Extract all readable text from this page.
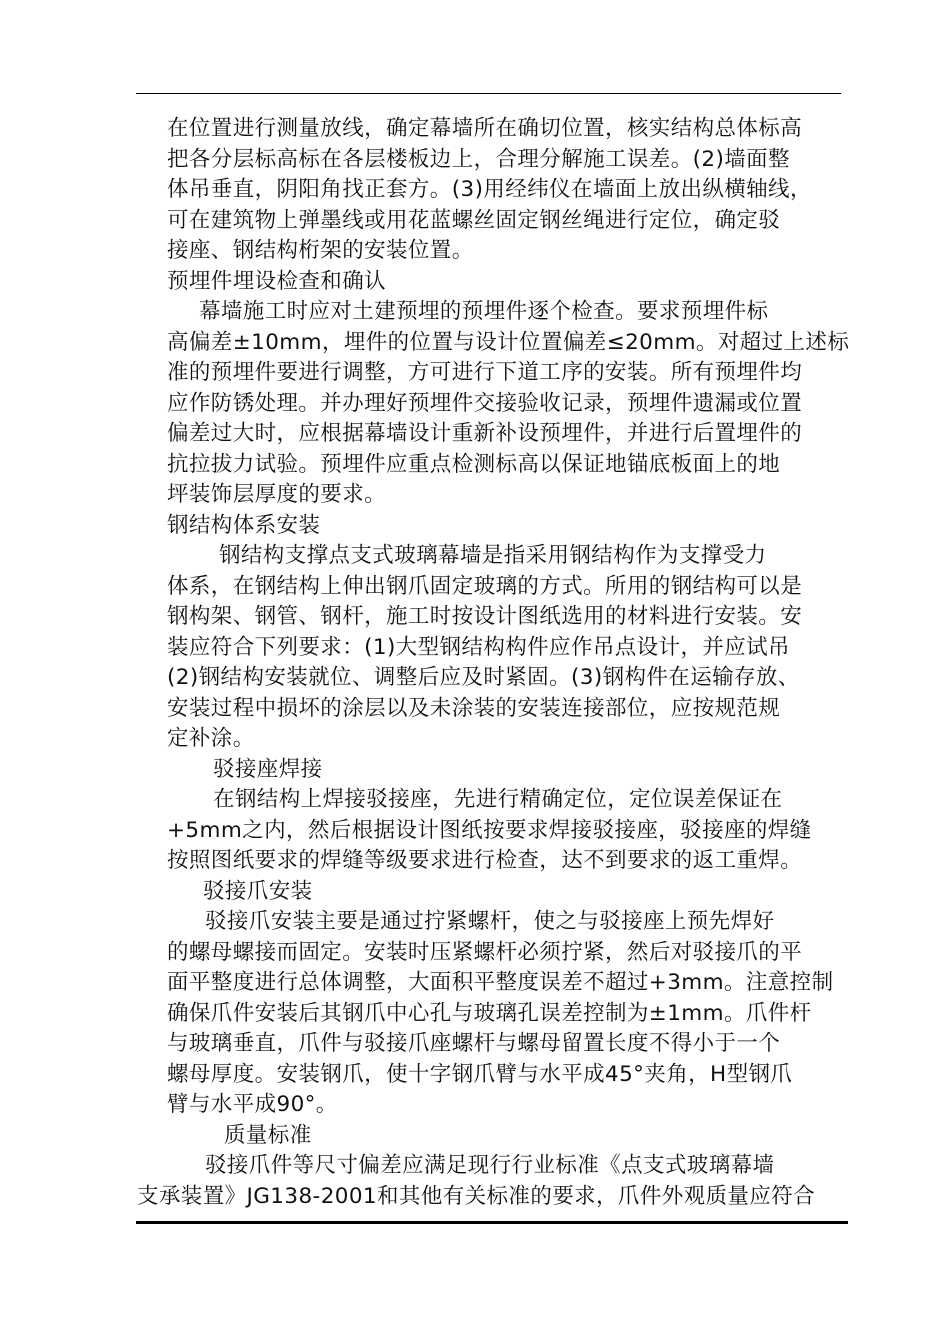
在位置进行测量放线，确定幕墙所在确切位置，核实结构总体标高
把各分层标高标在各层楼板边上，合理分解施工误差。(2)墙面整
体吊垂直，阴阳角找正套方。(3)用经纬仪在墙面上放出纵横轴线，
可在建筑物上弹墨线或用花蓝螺丝固定钢丝绳进行定位，确定驳
接座、钢结构桁架的安装位置。
预埋件埋设检查和确认
幕墙施工时应对土建预埋的预埋件逐个检查。要求预埋件标
高偏差±10mm，埋件的位置与设计位置偏差≤20mm。对超过上述标
准的预埋件要进行调整，方可进行下道工序的安装。所有预埋件均
应作防锈处理。并办理好预埋件交接验收记录，预埋件遗漏或位置
偏差过大时，应根据幕墙设计重新补设预埋件，并进行后置埋件的
抗拉拔力试验。预埋件应重点检测标高以保证地锚底板面上的地
坪装饰层厚度的要求。
钢结构体系安装
钢结构支撑点支式玻璃幕墙是指采用钢结构作为支撑受力
体系，在钢结构上伸出钢爪固定玻璃的方式。所用的钢结构可以是
钢构架、钢管、钢杆，施工时按设计图纸选用的材料进行安装。安
装应符合下列要求：(1)大型钢结构构件应作吊点设计，并应试吊
(2)钢结构安装就位、调整后应及时紧固。(3)钢构件在运输存放、
安装过程中损坏的涂层以及未涂装的安装连接部位，应按规范规
定补涂。
驳接座焊接
在钢结构上焊接驳接座，先进行精确定位，定位误差保证在
+5mm之内，然后根据设计图纸按要求焊接驳接座，驳接座的焊缝
按照图纸要求的焊缝等级要求进行检查，达不到要求的返工重焊。
驳接爪安装
驳接爪安装主要是通过拧紧螺杆，使之与驳接座上预先焊好
的螺母螺接而固定。安装时压紧螺杆必须拧紧，然后对驳接爪的平
面平整度进行总体调整，大面积平整度误差不超过+3mm。注意控制
确保爪件安装后其钢爪中心孔与玻璃孔误差控制为±1mm。爪件杆
与玻璃垂直，爪件与驳接爪座螺杆与螺母留置长度不得小于一个
螺母厚度。安装钢爪，使十字钢爪臂与水平成45°夹角，H型钢爪
臂与水平成90°。
质量标准
驳接爪件等尺寸偏差应满足现行行业标准《点支式玻璃幕墙
支承装置》JG138-2001和其他有关标准的要求，爪件外观质量应符合
